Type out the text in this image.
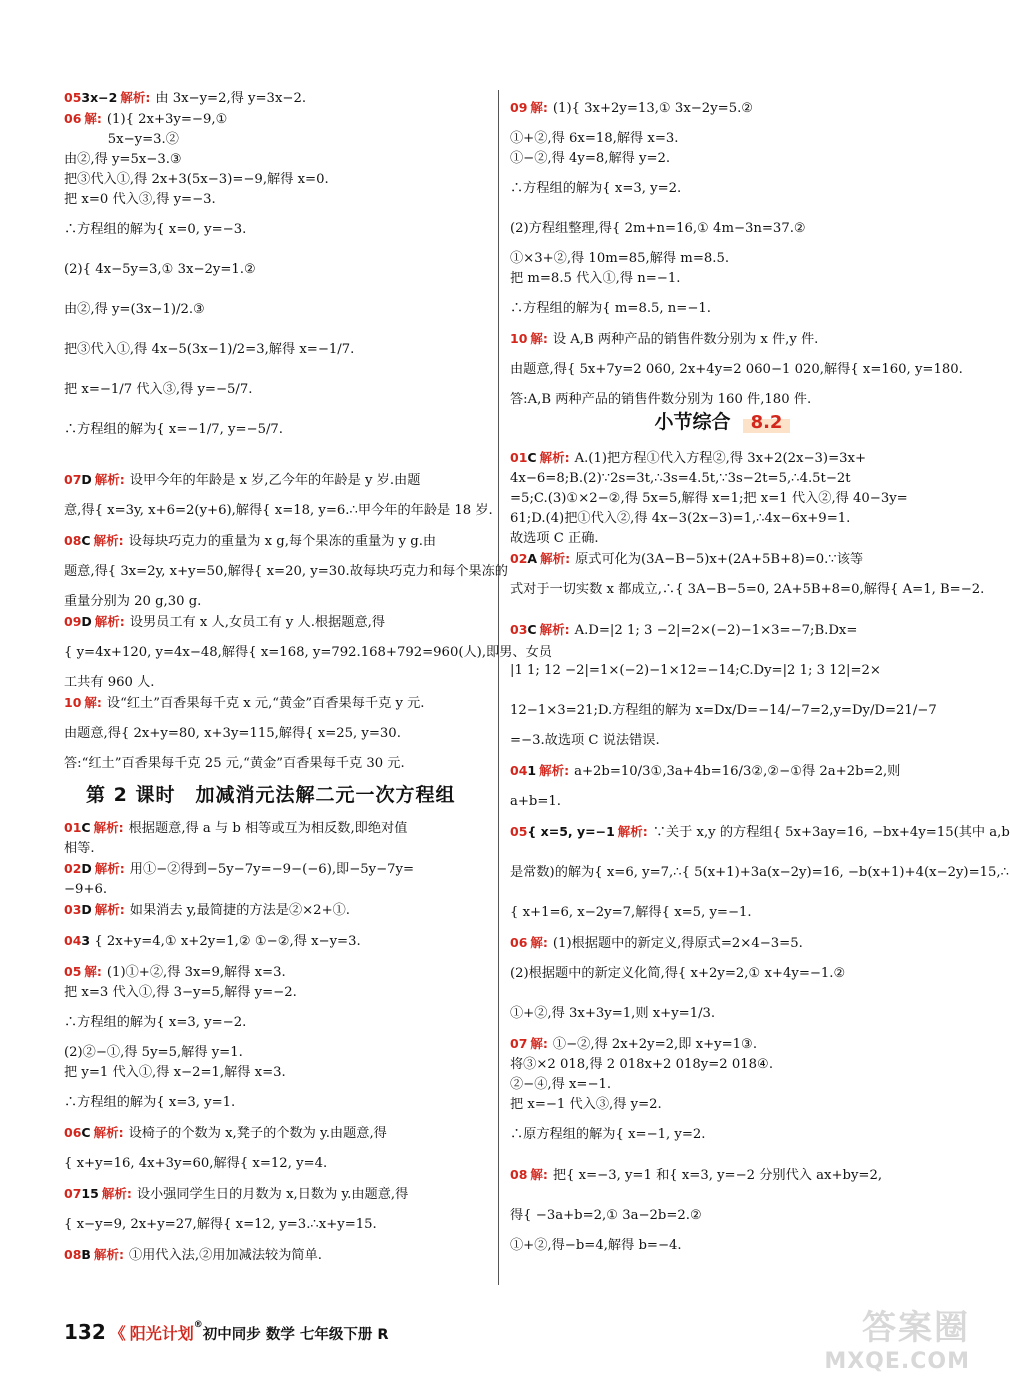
053x−2 解析: 由 3x−y=2,得 y=3x−2.
06 解: (1){ 2x+3y=−9,①
　　　 5x−y=3.②
由②,得 y=5x−3.③
把③代入①,得 2x+3(5x−3)=−9,解得 x=0.
把 x=0 代入③,得 y=−3.
∴方程组的解为{ x=0, y=−3.
(2){ 4x−5y=3,① 3x−2y=1.②
由②,得 y=(3x−1)/2.③
把③代入①,得 4x−5(3x−1)/2=3,解得 x=−1/7.
把 x=−1/7 代入③,得 y=−5/7.
∴方程组的解为{ x=−1/7, y=−5/7.
07D 解析: 设甲今年的年龄是 x 岁,乙今年的年龄是 y 岁.由题
意,得{ x=3y, x+6=2(y+6),解得{ x=18, y=6.∴甲今年的年龄是 18 岁.
08C 解析: 设每块巧克力的重量为 x g,每个果冻的重量为 y g.由
题意,得{ 3x=2y, x+y=50,解得{ x=20, y=30.故每块巧克力和每个果冻的
重量分别为 20 g,30 g.
09D 解析: 设男员工有 x 人,女员工有 y 人.根据题意,得
{ y=4x+120, y=4x−48,解得{ x=168, y=792.168+792=960(人),即男、女员
工共有 960 人.
10 解: 设“红土”百香果每千克 x 元,“黄金”百香果每千克 y 元.
由题意,得{ 2x+y=80, x+3y=115,解得{ x=25, y=30.
答:“红土”百香果每千克 25 元,“黄金”百香果每千克 30 元.
第 2 课时　加减消元法解二元一次方程组
01C 解析: 根据题意,得 a 与 b 相等或互为相反数,即绝对值
相等.
02D 解析: 用①−②得到−5y−7y=−9−(−6),即−5y−7y=
−9+6.
03D 解析: 如果消去 y,最简捷的方法是②×2+①.
043 { 2x+y=4,① x+2y=1,② ①−②,得 x−y=3.
05 解: (1)①+②,得 3x=9,解得 x=3.
把 x=3 代入①,得 3−y=5,解得 y=−2.
∴方程组的解为{ x=3, y=−2.
(2)②−①,得 5y=5,解得 y=1.
把 y=1 代入①,得 x−2=1,解得 x=3.
∴方程组的解为{ x=3, y=1.
06C 解析: 设椅子的个数为 x,凳子的个数为 y.由题意,得
{ x+y=16, 4x+3y=60,解得{ x=12, y=4.
0715 解析: 设小强同学生日的月数为 x,日数为 y.由题意,得
{ x−y=9, 2x+y=27,解得{ x=12, y=3.∴x+y=15.
08B 解析: ①用代入法,②用加减法较为简单.
09 解: (1){ 3x+2y=13,① 3x−2y=5.②
①+②,得 6x=18,解得 x=3.
①−②,得 4y=8,解得 y=2.
∴方程组的解为{ x=3, y=2.
(2)方程组整理,得{ 2m+n=16,① 4m−3n=37.②
①×3+②,得 10m=85,解得 m=8.5.
把 m=8.5 代入①,得 n=−1.
∴方程组的解为{ m=8.5, n=−1.
10 解: 设 A,B 两种产品的销售件数分别为 x 件,y 件.
由题意,得{ 5x+7y=2 060, 2x+4y=2 060−1 020,解得{ x=160, y=180.
答:A,B 两种产品的销售件数分别为 160 件,180 件.
小节综合 8.2
01C 解析: A.(1)把方程①代入方程②,得 3x+2(2x−3)=3x+
4x−6=8;B.(2)∵2s=3t,∴3s=4.5t,∵3s−2t=5,∴4.5t−2t
=5;C.(3)①×2−②,得 5x=5,解得 x=1;把 x=1 代入②,得 40−3y=
61;D.(4)把①代入②,得 4x−3(2x−3)=1,∴4x−6x+9=1.
故选项 C 正确.
02A 解析: 原式可化为(3A−B−5)x+(2A+5B+8)=0.∵该等
式对于一切实数 x 都成立,∴{ 3A−B−5=0, 2A+5B+8=0,解得{ A=1, B=−2.
03C 解析: A.D=|2 1; 3 −2|=2×(−2)−1×3=−7;B.Dx=
|1 1; 12 −2|=1×(−2)−1×12=−14;C.Dy=|2 1; 3 12|=2×
12−1×3=21;D.方程组的解为 x=Dx/D=−14/−7=2,y=Dy/D=21/−7
=−3.故选项 C 说法错误.
041 解析: a+2b=10/3①,3a+4b=16/3②,②−①得 2a+2b=2,则
a+b=1.
05{ x=5, y=−1 解析: ∵关于 x,y 的方程组{ 5x+3ay=16, −bx+4y=15(其中 a,b
是常数)的解为{ x=6, y=7,∴{ 5(x+1)+3a(x−2y)=16, −b(x+1)+4(x−2y)=15,∴
{ x+1=6, x−2y=7,解得{ x=5, y=−1.
06 解: (1)根据题中的新定义,得原式=2×4−3=5.
(2)根据题中的新定义化简,得{ x+2y=2,① x+4y=−1.②
①+②,得 3x+3y=1,则 x+y=1/3.
07 解: ①−②,得 2x+2y=2,即 x+y=1③.
将③×2 018,得 2 018x+2 018y=2 018④.
②−④,得 x=−1.
把 x=−1 代入③,得 y=2.
∴原方程组的解为{ x=−1, y=2.
08 解: 把{ x=−3, y=1 和{ x=3, y=−2 分别代入 ax+by=2,
得{ −3a+b=2,① 3a−2b=2.②
①+②,得−b=4,解得 b=−4.
132 《 阳光计划®初中同步 数学 七年级下册 R	答案圈
MXQE.COM
